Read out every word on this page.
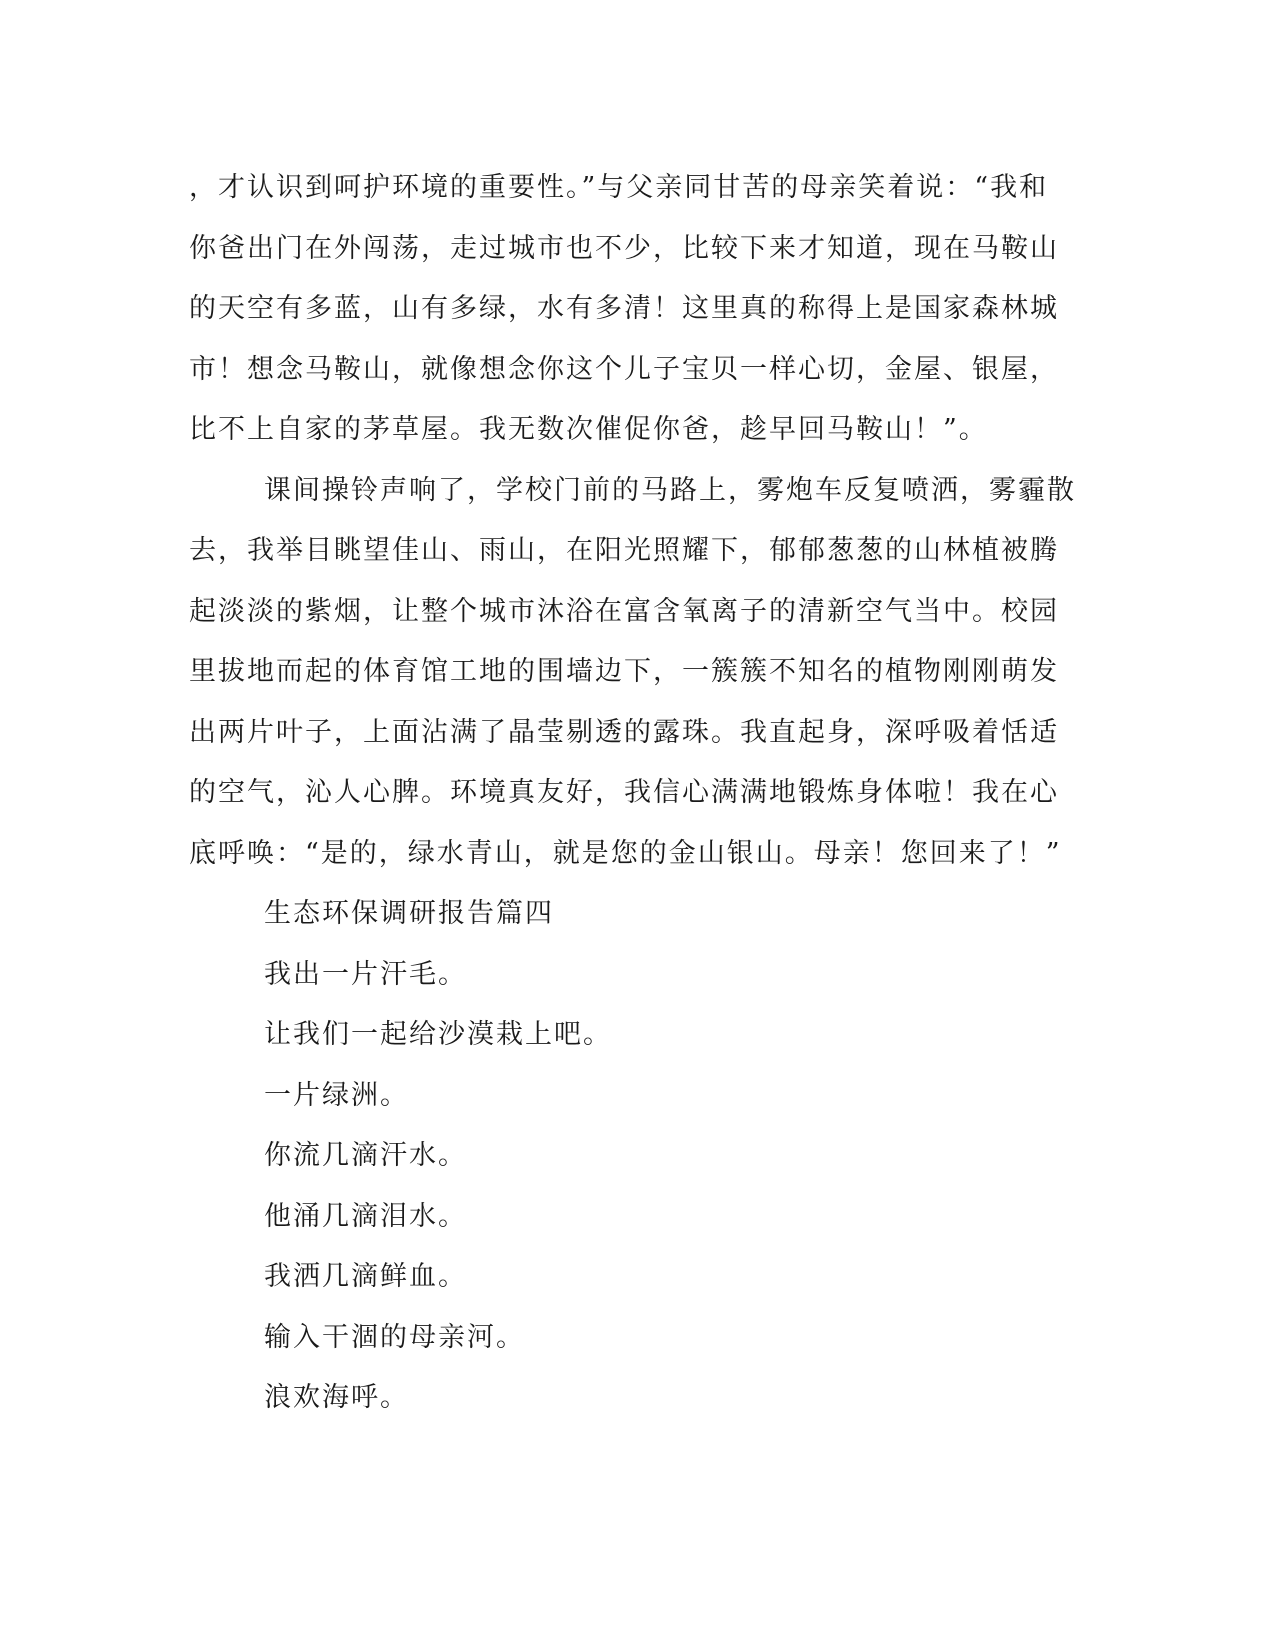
，才认识到呵护环境的重要性。”与父亲同甘苦的母亲笑着说：“我和
你爸出门在外闯荡，走过城市也不少，比较下来才知道，现在马鞍山
的天空有多蓝，山有多绿，水有多清！这里真的称得上是国家森林城
市！想念马鞍山，就像想念你这个儿子宝贝一样心切，金屋、银屋，
比不上自家的茅草屋。我无数次催促你爸，趁早回马鞍山！”。
课间操铃声响了，学校门前的马路上，雾炮车反复喷洒，雾霾散
去，我举目眺望佳山、雨山，在阳光照耀下，郁郁葱葱的山林植被腾
起淡淡的紫烟，让整个城市沐浴在富含氧离子的清新空气当中。校园
里拔地而起的体育馆工地的围墙边下，一簇簇不知名的植物刚刚萌发
出两片叶子，上面沾满了晶莹剔透的露珠。我直起身，深呼吸着恬适
的空气，沁人心脾。环境真友好，我信心满满地锻炼身体啦！我在心
底呼唤：“是的，绿水青山，就是您的金山银山。母亲！您回来了！”
生态环保调研报告篇四
我出一片汗毛。
让我们一起给沙漠栽上吧。
一片绿洲。
你流几滴汗水。
他涌几滴泪水。
我洒几滴鲜血。
输入干涸的母亲河。
浪欢海呼。
